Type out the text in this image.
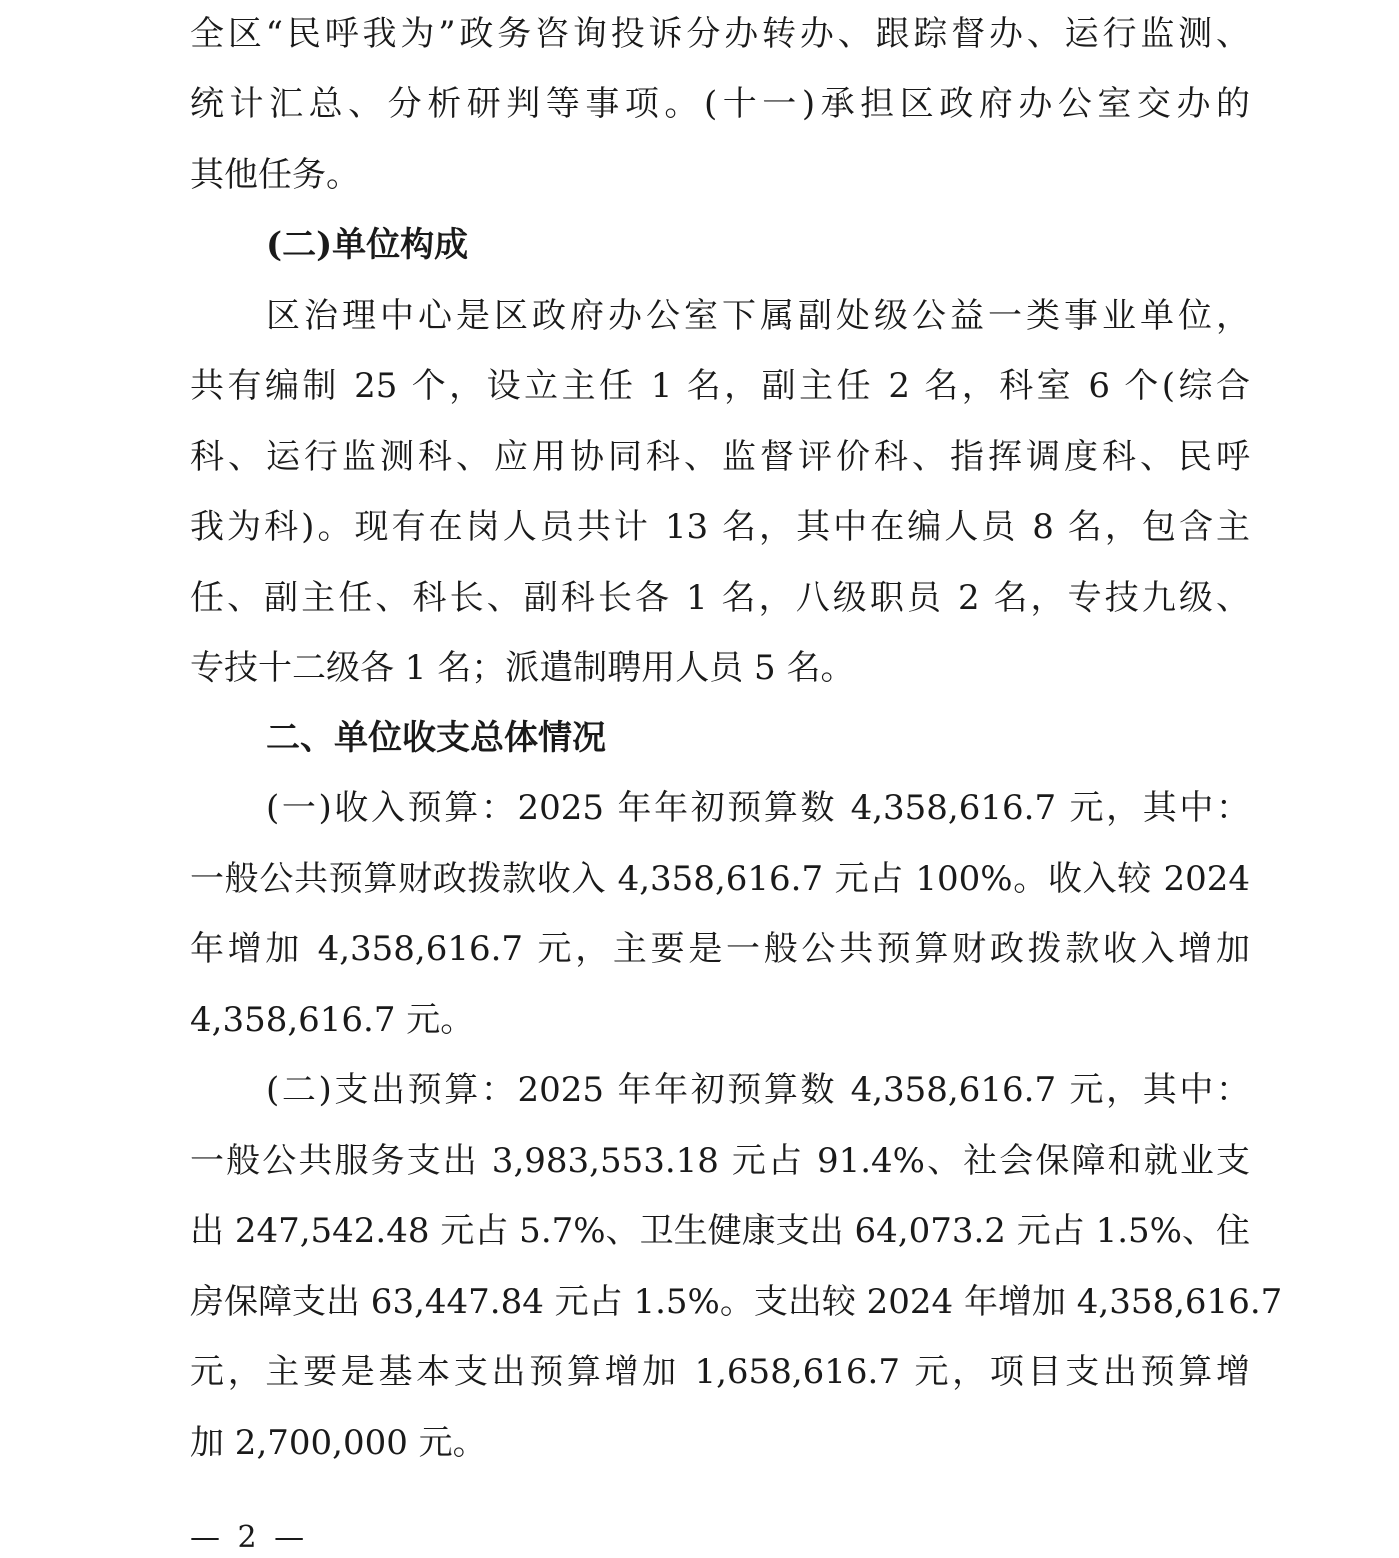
全区“民呼我为”政务咨询投诉分办转办、跟踪督办、运行监测、
统计汇总、分析研判等事项。(十一)承担区政府办公室交办的
其他任务。
(二)单位构成
区治理中心是区政府办公室下属副处级公益一类事业单位，
共有编制 25 个，设立主任 1 名，副主任 2 名，科室 6 个(综合
科、运行监测科、应用协同科、监督评价科、指挥调度科、民呼
我为科)。现有在岗人员共计 13 名，其中在编人员 8 名，包含主
任、副主任、科长、副科长各 1 名，八级职员 2 名，专技九级、
专技十二级各 1 名；派遣制聘用人员 5 名。
二、单位收支总体情况
(一)收入预算：2025 年年初预算数 4,358,616.7 元，其中：
一般公共预算财政拨款收入 4,358,616.7 元占 100%。收入较 2024
年增加 4,358,616.7 元，主要是一般公共预算财政拨款收入增加
4,358,616.7 元。
(二)支出预算：2025 年年初预算数 4,358,616.7 元，其中：
一般公共服务支出 3,983,553.18 元占 91.4%、社会保障和就业支
出 247,542.48 元占 5.7%、卫生健康支出 64,073.2 元占 1.5%、住
房保障支出 63,447.84 元占 1.5%。支出较 2024 年增加 4,358,616.7
元，主要是基本支出预算增加 1,658,616.7 元，项目支出预算增
加 2,700,000 元。
— 2 —
